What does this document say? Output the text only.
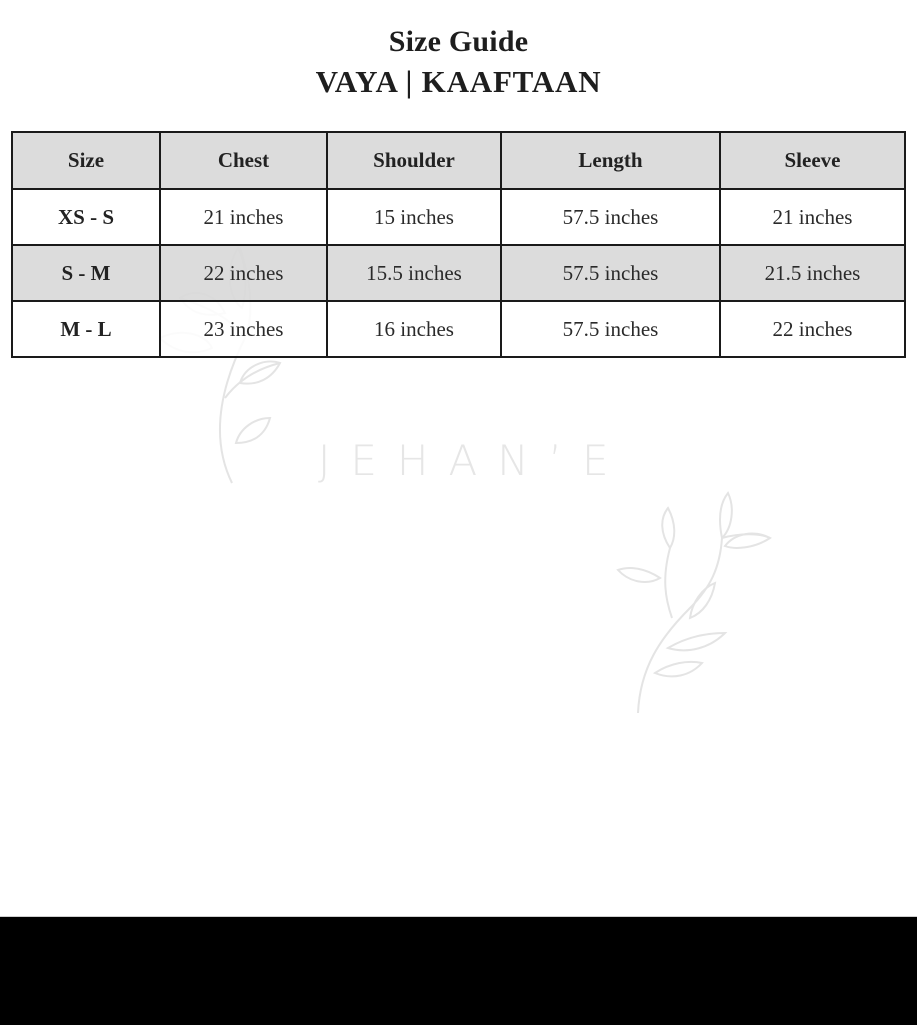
Size Guide
VAYA | KAAFTAAN
JEHAN’E
Size	Chest	Shoulder	Length	Sleeve
XS - S	21 inches	15 inches	57.5 inches	21 inches
S - M	22 inches	15.5 inches	57.5 inches	21.5 inches
M - L	23 inches	16 inches	57.5 inches	22 inches
